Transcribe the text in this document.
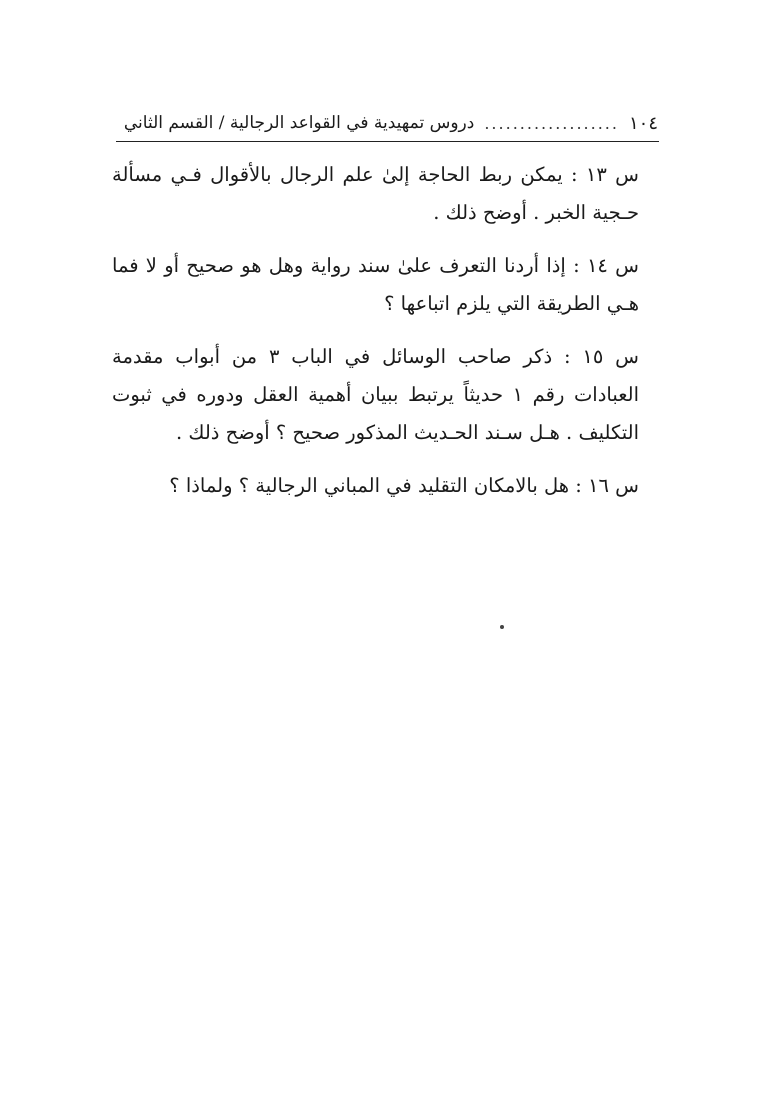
١٠٤
...................
دروس تمهيدية في القواعد الرجالية / القسم الثاني

س ١٣ : يمكن ربط الحاجة إلىٰ علم الرجال بالأقوال فـي مسألة حـجية الخبر . أوضح ذلك .

س ١٤ : إذا أردنا التعرف علىٰ سند رواية وهل هو صحيح أو لا فما هـي الطريقة التي يلزم اتباعها ؟

س ١٥ : ذكر صاحب الوسائل في الباب ٣ من أبواب مقدمة العبادات رقم ١ حديثاً يرتبط ببيان أهمية العقل ودوره في ثبوت التكليف . هـل سـند الحـديث المذكور صحيح ؟ أوضح ذلك .

س ١٦ : هل بالامكان التقليد في المباني الرجالية ؟ ولماذا ؟
